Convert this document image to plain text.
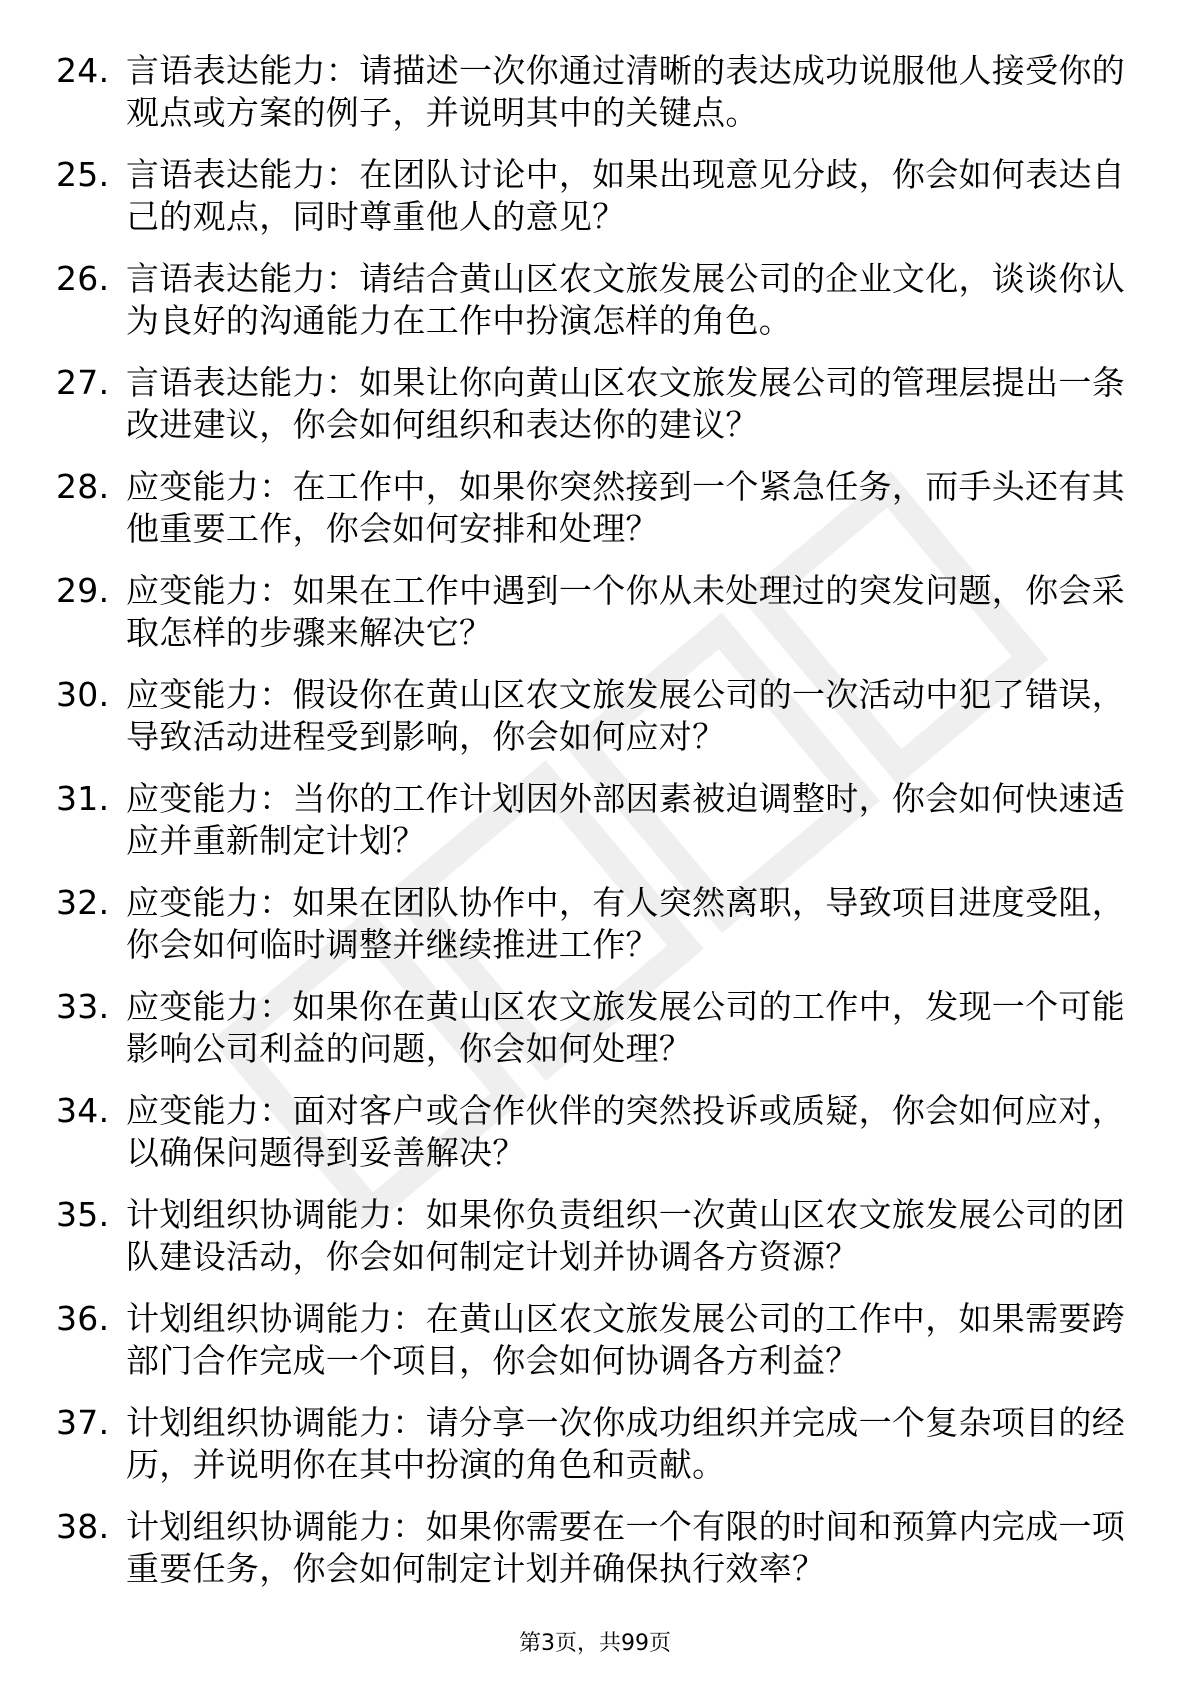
24. 言语表达能力：请描述一次你通过清晰的表达成功说服他人接受你的观点或方案的例子，并说明其中的关键点。
25. 言语表达能力：在团队讨论中，如果出现意见分歧，你会如何表达自己的观点，同时尊重他人的意见？
26. 言语表达能力：请结合黄山区农文旅发展公司的企业文化，谈谈你认为良好的沟通能力在工作中扮演怎样的角色。
27. 言语表达能力：如果让你向黄山区农文旅发展公司的管理层提出一条改进建议，你会如何组织和表达你的建议？
28. 应变能力：在工作中，如果你突然接到一个紧急任务，而手头还有其他重要工作，你会如何安排和处理？
29. 应变能力：如果在工作中遇到一个你从未处理过的突发问题，你会采取怎样的步骤来解决它？
30. 应变能力：假设你在黄山区农文旅发展公司的一次活动中犯了错误，导致活动进程受到影响，你会如何应对？
31. 应变能力：当你的工作计划因外部因素被迫调整时，你会如何快速适应并重新制定计划？
32. 应变能力：如果在团队协作中，有人突然离职，导致项目进度受阻，你会如何临时调整并继续推进工作？
33. 应变能力：如果你在黄山区农文旅发展公司的工作中，发现一个可能影响公司利益的问题，你会如何处理？
34. 应变能力：面对客户或合作伙伴的突然投诉或质疑，你会如何应对，以确保问题得到妥善解决？
35. 计划组织协调能力：如果你负责组织一次黄山区农文旅发展公司的团队建设活动，你会如何制定计划并协调各方资源？
36. 计划组织协调能力：在黄山区农文旅发展公司的工作中，如果需要跨部门合作完成一个项目，你会如何协调各方利益？
37. 计划组织协调能力：请分享一次你成功组织并完成一个复杂项目的经历，并说明你在其中扮演的角色和贡献。
38. 计划组织协调能力：如果你需要在一个有限的时间和预算内完成一项重要任务，你会如何制定计划并确保执行效率？
第3页，共99页
